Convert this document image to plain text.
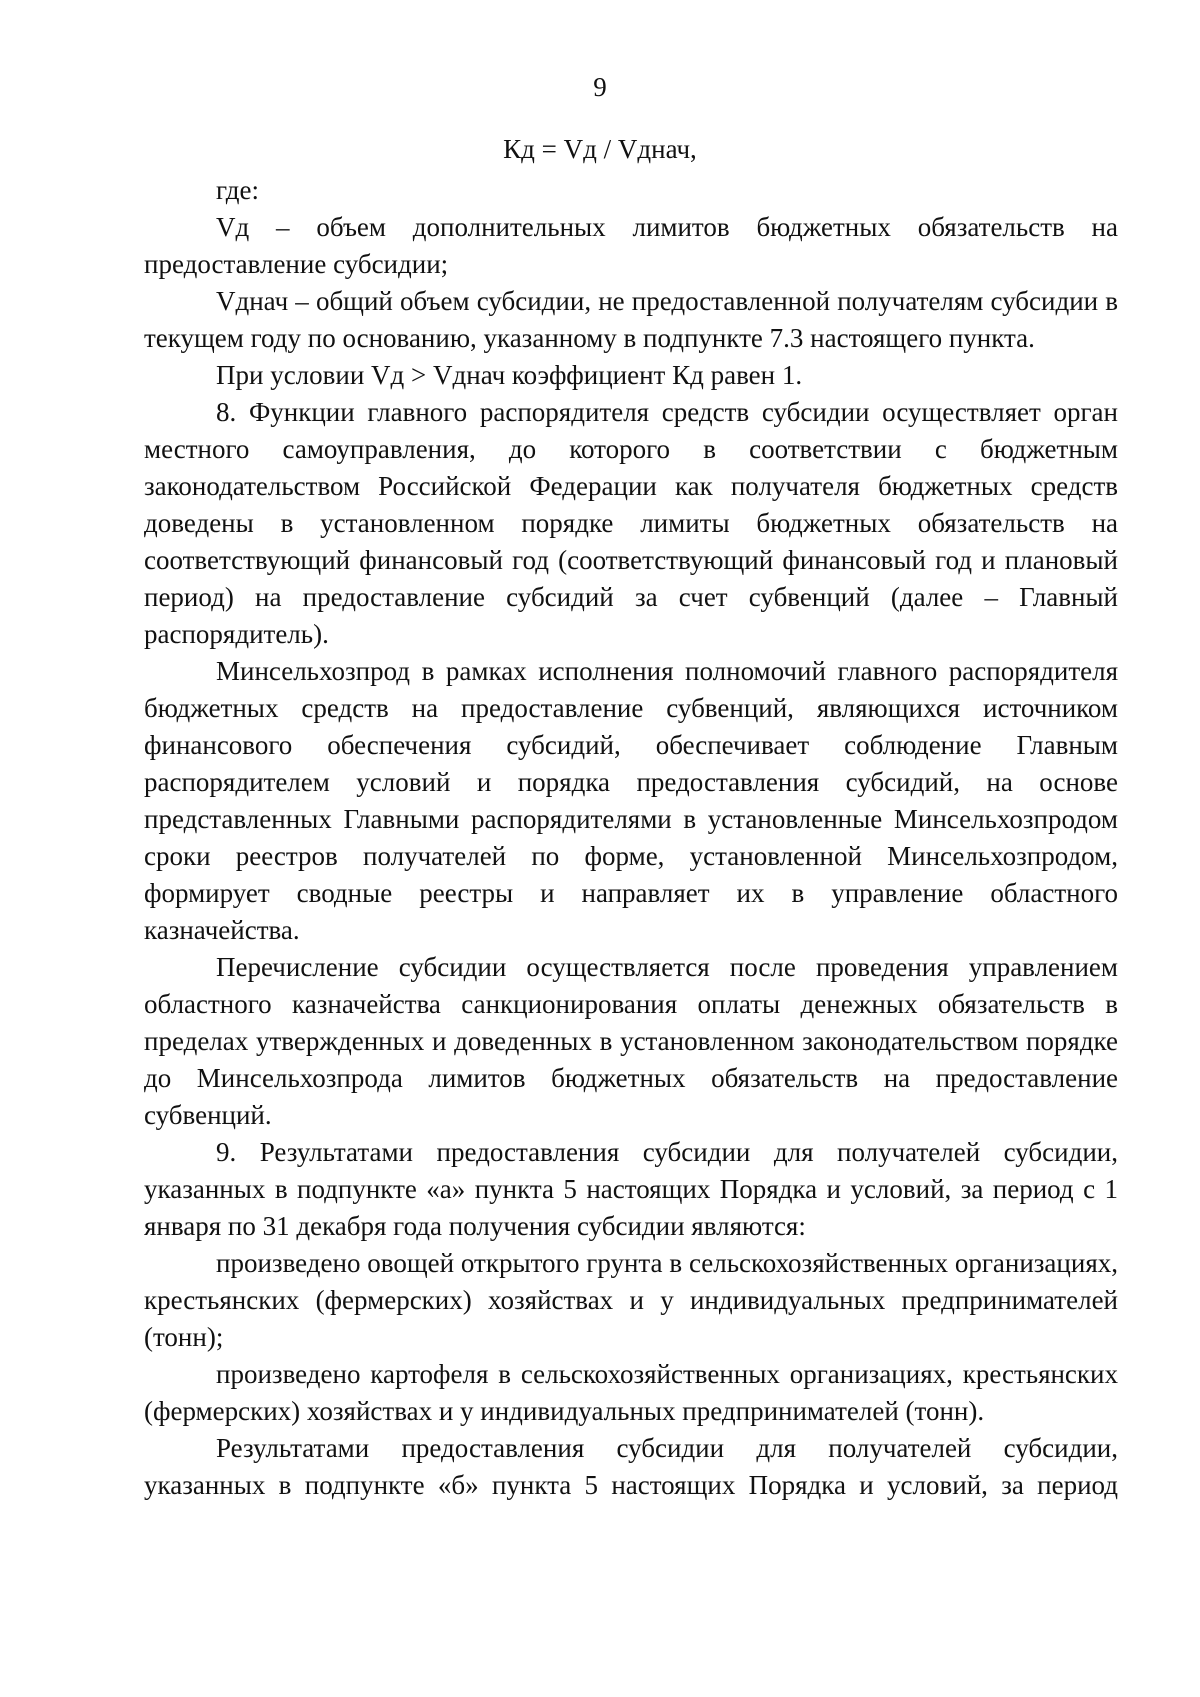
9
Кд = Vд / Vднач,

где:

Vд – объем дополнительных лимитов бюджетных обязательств на предоставление субсидии;

Vднач – общий объем субсидии, не предоставленной получателям субсидии в текущем году по основанию, указанному в подпункте 7.3 настоящего пункта.

При условии Vд > Vднач коэффициент Кд равен 1.

8. Функции главного распорядителя средств субсидии осуществляет орган местного самоуправления, до которого в соответствии с бюджетным законодательством Российской Федерации как получателя бюджетных средств доведены в установленном порядке лимиты бюджетных обязательств на соответствующий финансовый год (соответствующий финансовый год и плановый период) на предоставление субсидий за счет субвенций (далее – Главный распорядитель).

Минсельхозпрод в рамках исполнения полномочий главного распорядителя бюджетных средств на предоставление субвенций, являющихся источником финансового обеспечения субсидий, обеспечивает соблюдение Главным распорядителем условий и порядка предоставления субсидий, на основе представленных Главными распорядителями в установленные Минсельхозпродом сроки реестров получателей по форме, установленной Минсельхозпродом, формирует сводные реестры и направляет их в управление областного казначейства.

Перечисление субсидии осуществляется после проведения управлением областного казначейства санкционирования оплаты денежных обязательств в пределах утвержденных и доведенных в установленном законодательством порядке до Минсельхозпрода лимитов бюджетных обязательств на предоставление субвенций.

9. Результатами предоставления субсидии для получателей субсидии, указанных в подпункте «а» пункта 5 настоящих Порядка и условий, за период с 1 января по 31 декабря года получения субсидии являются:

произведено овощей открытого грунта в сельскохозяйственных организациях, крестьянских (фермерских) хозяйствах и у индивидуальных предпринимателей (тонн);

произведено картофеля в сельскохозяйственных организациях, крестьянских (фермерских) хозяйствах и у индивидуальных предпринимателей (тонн).

Результатами предоставления субсидии для получателей субсидии, указанных в подпункте «б» пункта 5 настоящих Порядка и условий, за период
